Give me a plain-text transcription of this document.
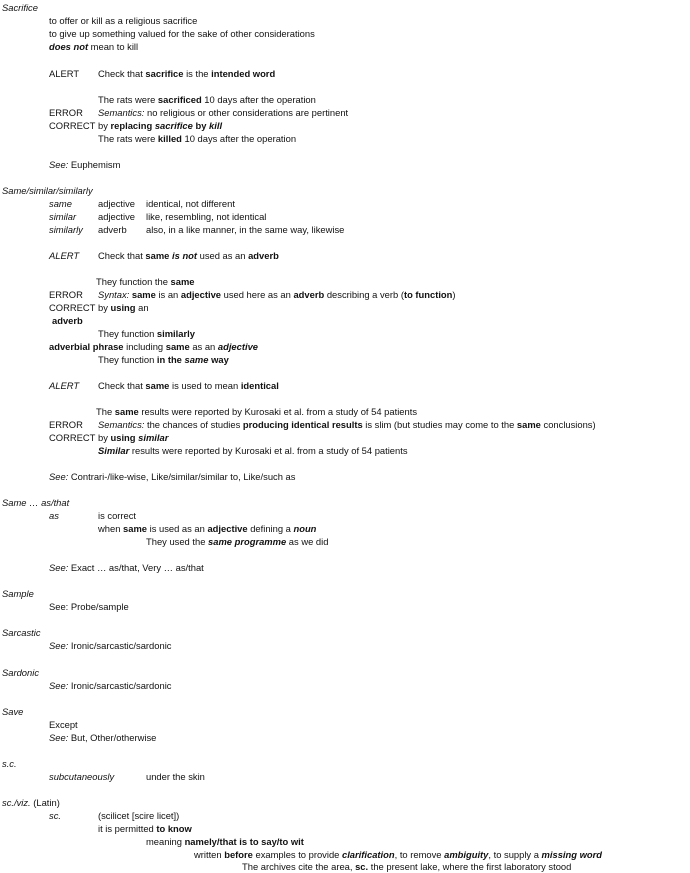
Sacrifice
to offer or kill as a religious sacrifice
to give up something valued for the sake of other considerations
does not mean to kill
ALERT Check that sacrifice is the intended word
The rats were sacrificed 10 days after the operation
ERROR Semantics: no religious or other considerations are pertinent
CORRECT by replacing sacrifice by kill
The rats were killed 10 days after the operation
See: Euphemism
Same/similar/similarly
same	adjective identical, not different
similar adjective like, resembling, not identical
similarly adverb also, in a like manner, in the same way, likewise
ALERT Check that same is not used as an adverb
They function the same
ERROR Syntax: same is an adjective used here as an adverb describing a verb (to function)
CORRECT by using an
adverb
They function similarly
adverbial phrase including same as an adjective
They function in the same way
ALERT Check that same is used to mean identical
The same results were reported by Kurosaki et al. from a study of 54 patients
ERROR Semantics: the chances of studies producing identical results is slim (but studies may come to the same conclusions)
CORRECT by using similar
Similar results were reported by Kurosaki et al. from a study of 54 patients
See: Contrari-/like-wise, Like/similar/similar to, Like/such as
Same … as/that
as	is correct
when same is used as an adjective defining a noun
They used the same programme as we did
See: Exact … as/that, Very … as/that
Sample
See: Probe/sample
Sarcastic
See: Ironic/sarcastic/sardonic
Sardonic
See: Ironic/sarcastic/sardonic
Save
Except
See: But, Other/otherwise
s.c.
subcutaneously	under the skin
sc./viz. (Latin)
sc.	(scilicet [scire licet])
it is permitted to know
meaning namely/that is to say/to wit
written before examples to provide clarification, to remove ambiguity, to supply a missing word
The archives cite the area, sc. the present lake, where the first laboratory stood
